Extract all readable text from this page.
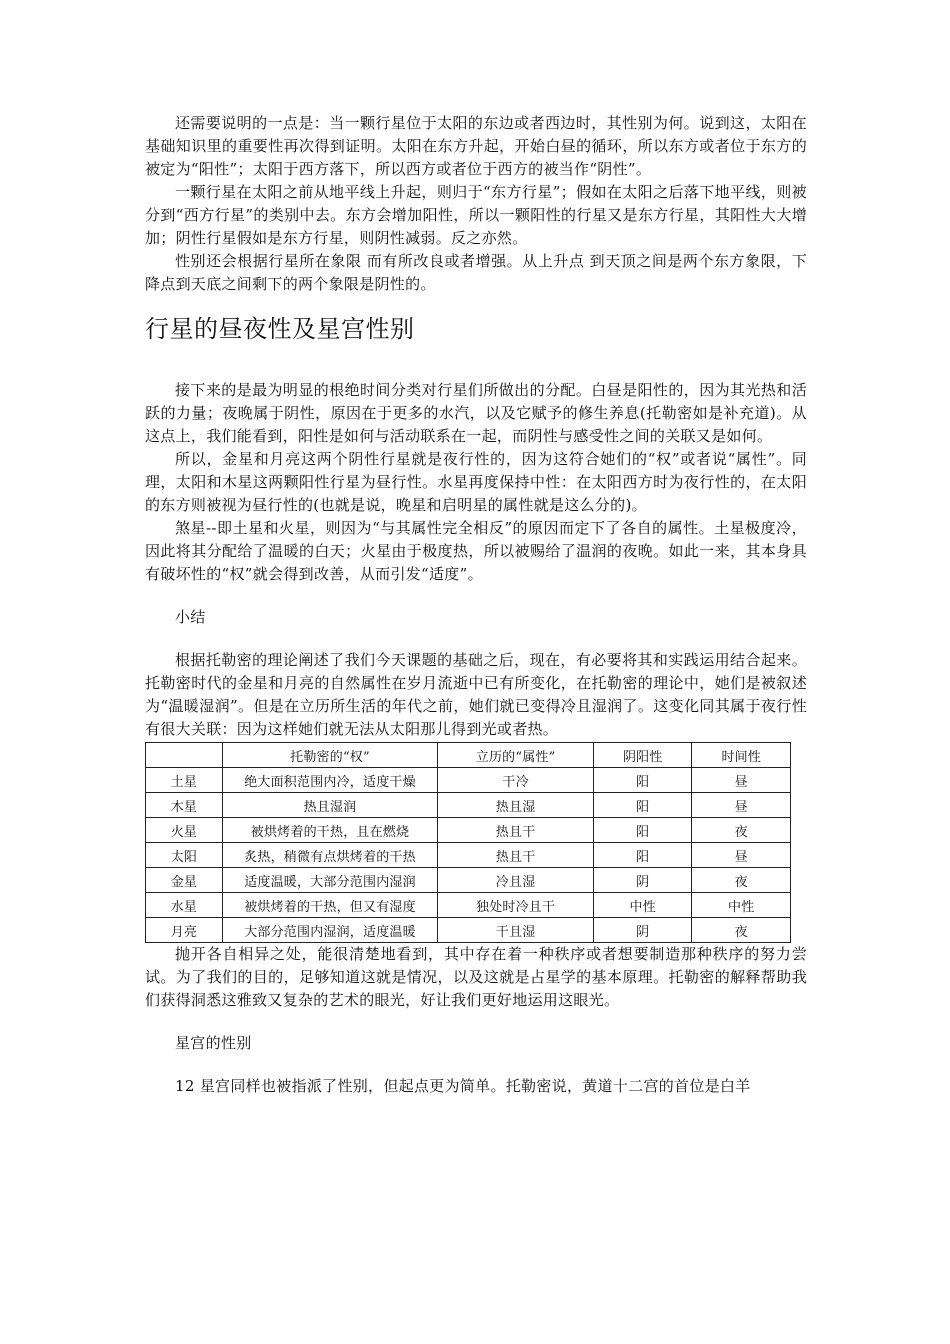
还需要说明的一点是：当一颗行星位于太阳的东边或者西边时，其性别为何。说到这，太阳在基础知识里的重要性再次得到证明。太阳在东方升起，开始白昼的循环，所以东方或者位于东方的被定为“阳性”；太阳于西方落下，所以西方或者位于西方的被当作“阴性”。

一颗行星在太阳之前从地平线上升起，则归于“东方行星”；假如在太阳之后落下地平线，则被分到“西方行星”的类别中去。东方会增加阳性，所以一颗阳性的行星又是东方行星，其阳性大大增加；阴性行星假如是东方行星，则阴性减弱。反之亦然。

性别还会根据行星所在象限 而有所改良或者增强。从上升点 到天顶之间是两个东方象限，下降点到天底之间剩下的两个象限是阴性的。

行星的昼夜性及星宫性别

接下来的是最为明显的根绝时间分类对行星们所做出的分配。白昼是阳性的，因为其光热和活跃的力量；夜晚属于阴性，原因在于更多的水汽，以及它赋予的修生养息(托勒密如是补充道)。从这点上，我们能看到，阳性是如何与活动联系在一起，而阴性与感受性之间的关联又是如何。

所以，金星和月亮这两个阴性行星就是夜行性的，因为这符合她们的“权”或者说“属性”。同理，太阳和木星这两颗阳性行星为昼行性。水星再度保持中性：在太阳西方时为夜行性的，在太阳的东方则被视为昼行性的(也就是说，晚星和启明星的属性就是这么分的)。

煞星--即土星和火星，则因为“与其属性完全相反”的原因而定下了各自的属性。土星极度冷，因此将其分配给了温暖的白天；火星由于极度热，所以被赐给了温润的夜晚。如此一来，其本身具有破坏性的“权”就会得到改善，从而引发“适度”。

小结

根据托勒密的理论阐述了我们今天课题的基础之后，现在，有必要将其和实践运用结合起来。托勒密时代的金星和月亮的自然属性在岁月流逝中已有所变化，在托勒密的理论中，她们是被叙述为“温暖湿润”。但是在立历所生活的年代之前，她们就已变得冷且湿润了。这变化同其属于夜行性有很大关联：因为这样她们就无法从太阳那儿得到光或者热。

	托勒密的“权”	立历的“属性”	阴阳性	时间性
土星	绝大面积范围内冷，适度干燥	干冷	阳	昼
木星	热且湿润	热且湿	阳	昼
火星	被烘烤着的干热，且在燃烧	热且干	阳	夜
太阳	炙热，稍微有点烘烤着的干热	热且干	阳	昼
金星	适度温暖，大部分范围内湿润	冷且湿	阴	夜
水星	被烘烤着的干热，但又有湿度	独处时冷且干	中性	中性
月亮	大部分范围内湿润，适度温暖	干且湿	阴	夜

抛开各自相异之处，能很清楚地看到，其中存在着一种秩序或者想要制造那种秩序的努力尝试。为了我们的目的，足够知道这就是情况，以及这就是占星学的基本原理。托勒密的解释帮助我们获得洞悉这雅致又复杂的艺术的眼光，好让我们更好地运用这眼光。

星宫的性别

12 星宫同样也被指派了性别，但起点更为简单。托勒密说，黄道十二宫的首位是白羊
